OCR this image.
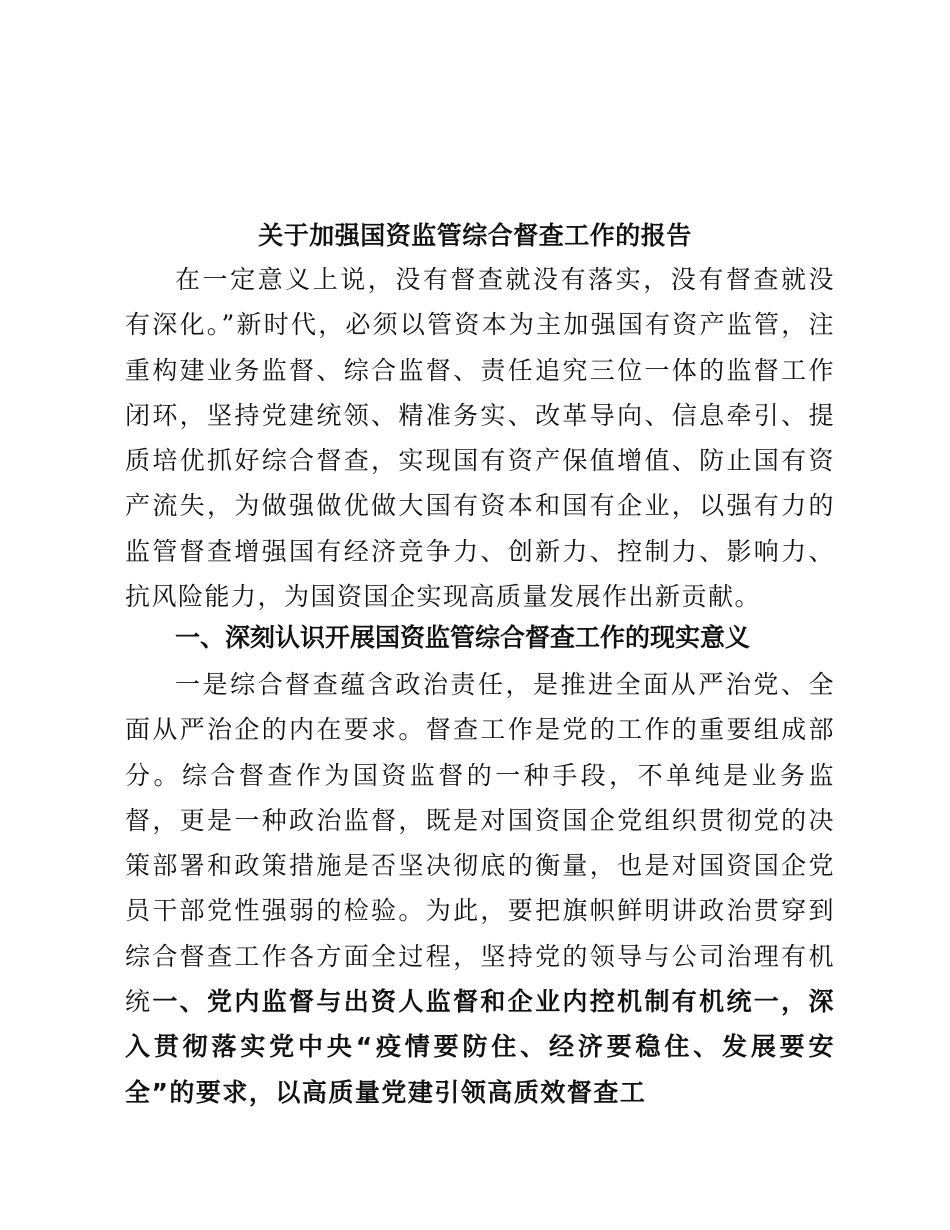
关于加强国资监管综合督查工作的报告

在一定意义上说，没有督查就没有落实，没有督查就没有深化。”新时代，必须以管资本为主加强国有资产监管，注重构建业务监督、综合监督、责任追究三位一体的监督工作闭环，坚持党建统领、精准务实、改革导向、信息牵引、提质培优抓好综合督查，实现国有资产保值增值、防止国有资产流失，为做强做优做大国有资本和国有企业，以强有力的监管督查增强国有经济竞争力、创新力、控制力、影响力、抗风险能力，为国资国企实现高质量发展作出新贡献。

一、深刻认识开展国资监管综合督查工作的现实意义

一是综合督查蕴含政治责任，是推进全面从严治党、全面从严治企的内在要求。督查工作是党的工作的重要组成部分。综合督查作为国资监督的一种手段，不单纯是业务监督，更是一种政治监督，既是对国资国企党组织贯彻党的决策部署和政策措施是否坚决彻底的衡量，也是对国资国企党员干部党性强弱的检验。为此，要把旗帜鲜明讲政治贯穿到综合督查工作各方面全过程，坚持党的领导与公司治理有机统一、党内监督与出资人监督和企业内控机制有机统一，深入贯彻落实党中央“疫情要防住、经济要稳住、发展要安全”的要求，以高质量党建引领高质效督查工
